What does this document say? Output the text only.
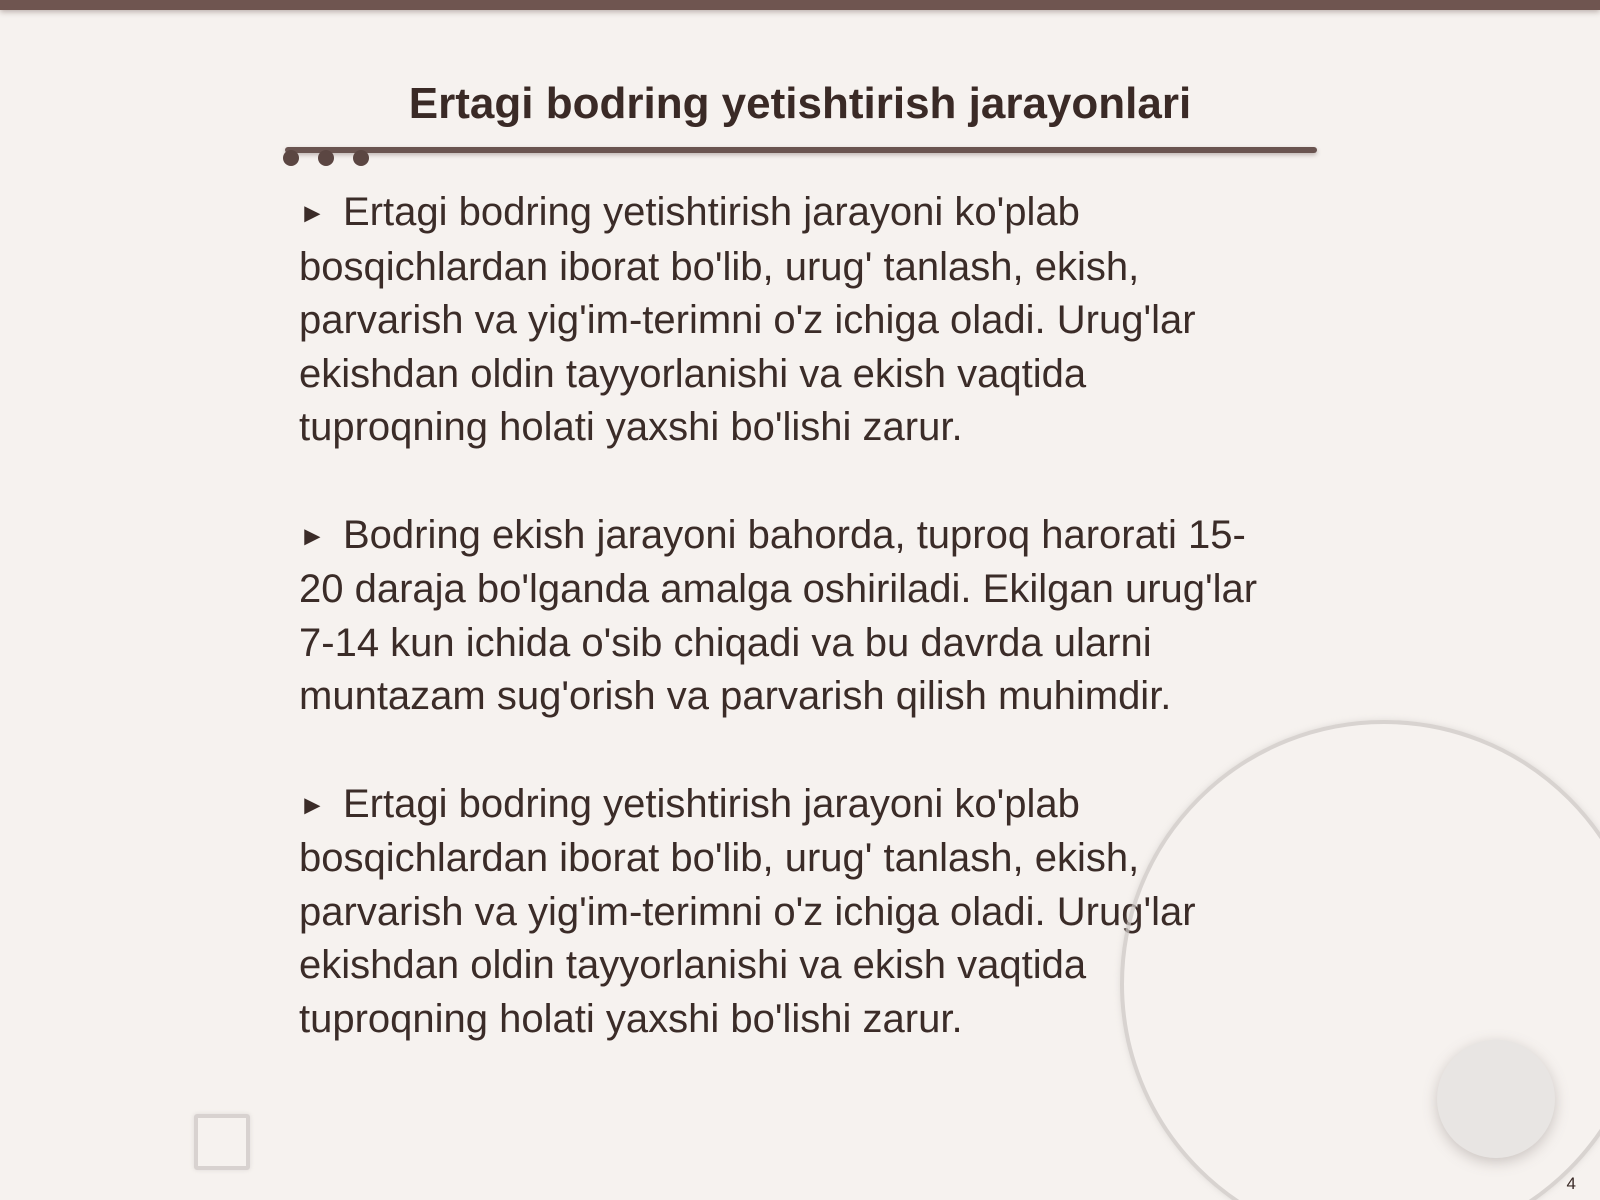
Ertagi bodring yetishtirish jarayonlari

► Ertagi bodring yetishtirish jarayoni ko'plab bosqichlardan iborat bo'lib, urug' tanlash, ekish, parvarish va yig'im-terimni o'z ichiga oladi. Urug'lar ekishdan oldin tayyorlanishi va ekish vaqtida tuproqning holati yaxshi bo'lishi zarur.

► Bodring ekish jarayoni bahorda, tuproq harorati 15-20 daraja bo'lganda amalga oshiriladi. Ekilgan urug'lar 7-14 kun ichida o'sib chiqadi va bu davrda ularni muntazam sug'orish va parvarish qilish muhimdir.

► Ertagi bodring yetishtirish jarayoni ko'plab bosqichlardan iborat bo'lib, urug' tanlash, ekish, parvarish va yig'im-terimni o'z ichiga oladi. Urug'lar ekishdan oldin tayyorlanishi va ekish vaqtida tuproqning holati yaxshi bo'lishi zarur.

4
